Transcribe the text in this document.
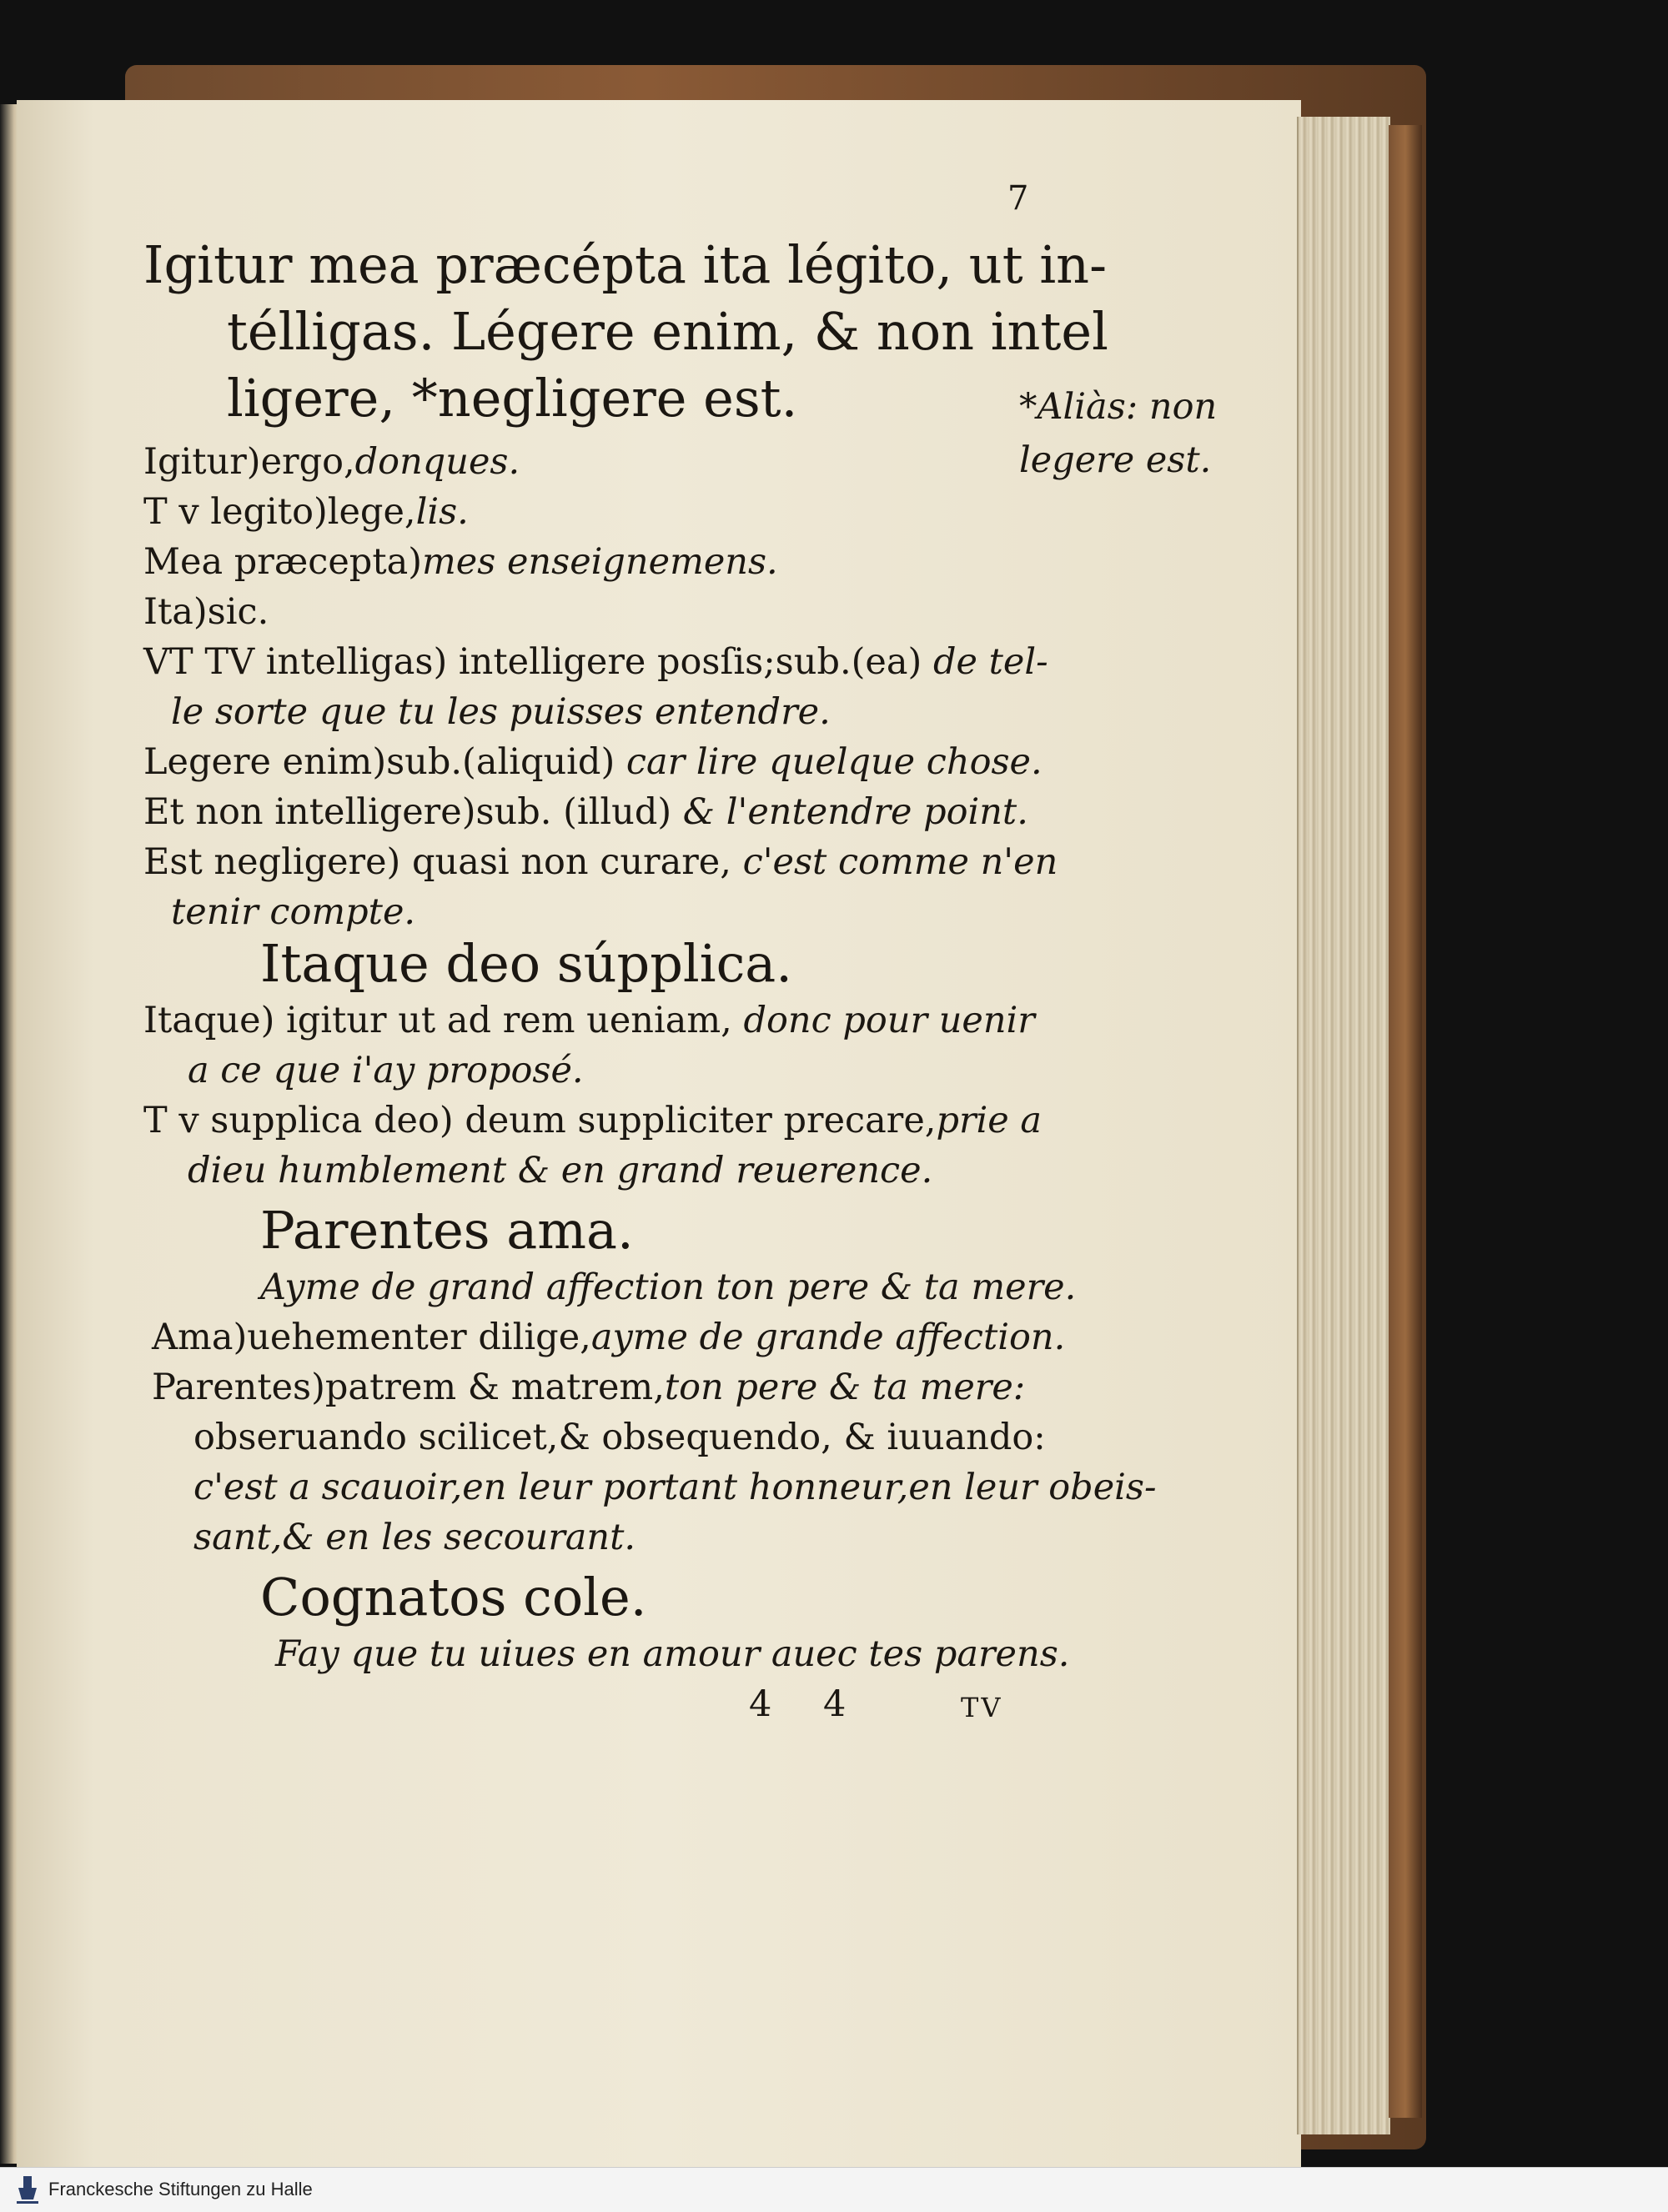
7
Igitur mea præcépta ita légito, ut in-
télligas. Légere enim, & non intel
ligere, *negligere est.	*Aliàs: non
legere est.
Igitur)ergo,donques.
T v legito)lege,lis.
Mea præcepta)mes enseignemens.
Ita)sic.
VT TV intelligas) intelligere posſis;sub.(ea) de tel-
le sorte que tu les puisses entendre.
Legere enim)sub.(aliquid) car lire quelque chose.
Et non intelligere)sub. (illud) & l'entendre point.
Est negligere) quasi non curare, c'est comme n'en
tenir compte.
Itaque deo súpplica.
Itaque) igitur ut ad rem ueniam, donc pour uenir
a ce que i'ay proposé.
T v supplica deo) deum suppliciter precare,prie a
dieu humblement & en grand reuerence.
Parentes ama.
Ayme de grand affection ton pere & ta mere.
Ama)uehementer dilige,ayme de grande affection.
Parentes)patrem & matrem,ton pere & ta mere:
obseruando scilicet,& obsequendo, & iuuando:
c'est a scauoir,en leur portant honneur,en leur obeis-
sant,& en les secourant.
Cognatos cole.
Fay que tu uiues en amour auec tes parens.
4 4	TV
Franckesche Stiftungen zu Halle
